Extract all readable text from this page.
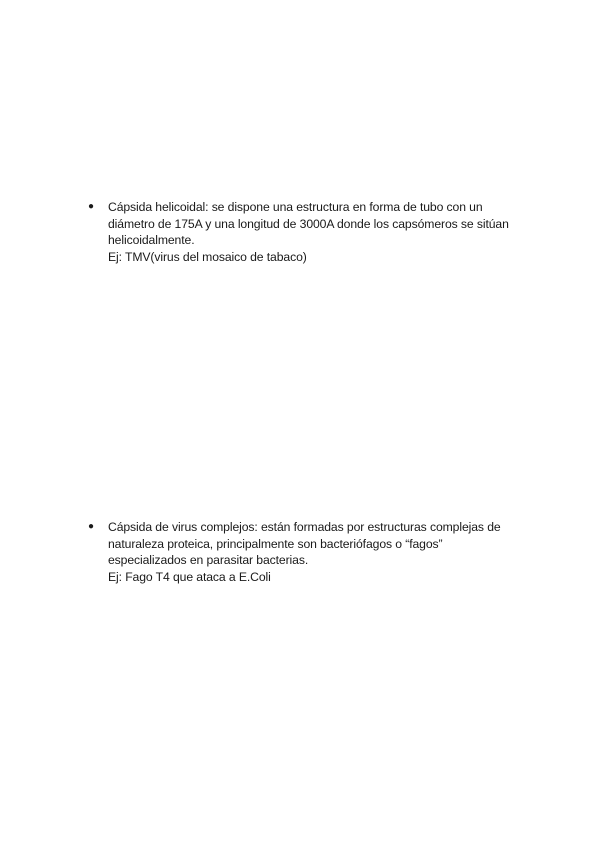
●	Cápsida helicoidal: se dispone una estructura en forma de tubo con un
diámetro de 175A y una longitud de 3000A donde los capsómeros se sitúan
helicoidalmente.
Ej: TMV(virus del mosaico de tabaco)
●	Cápsida de virus complejos: están formadas por estructuras complejas de
naturaleza proteica, principalmente son bacteriófagos o “fagos”
especializados en parasitar bacterias.
Ej: Fago T4 que ataca a E.Coli
